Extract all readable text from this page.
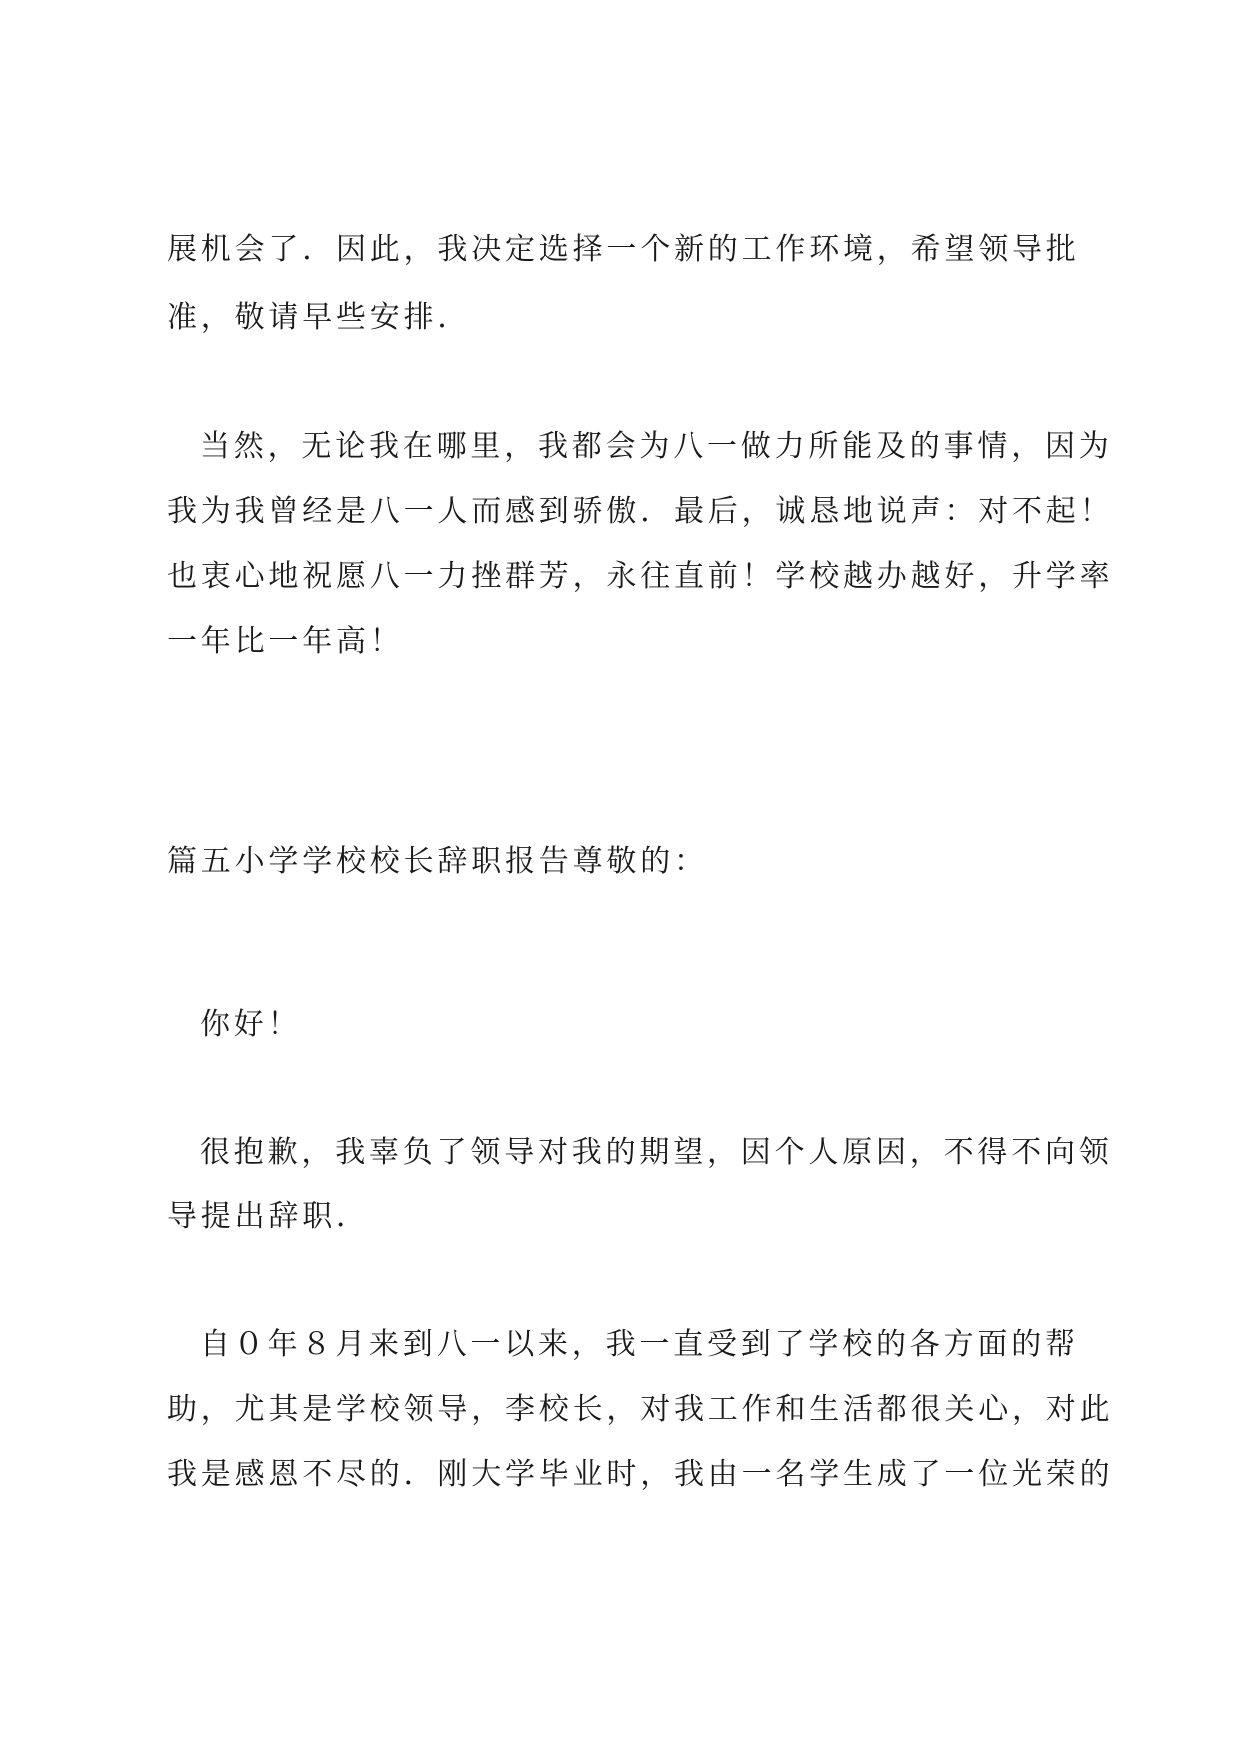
展机会了．因此，我决定选择一个新的工作环境，希望领导批
准，敬请早些安排．
当然，无论我在哪里，我都会为八一做力所能及的事情，因为
我为我曾经是八一人而感到骄傲．最后，诚恳地说声：对不起！
也衷心地祝愿八一力挫群芳，永往直前！学校越办越好，升学率
一年比一年高！
篇五小学学校校长辞职报告尊敬的：
你好！
很抱歉，我辜负了领导对我的期望，因个人原因，不得不向领
导提出辞职．
自０年８月来到八一以来，我一直受到了学校的各方面的帮
助，尤其是学校领导，李校长，对我工作和生活都很关心，对此
我是感恩不尽的．刚大学毕业时，我由一名学生成了一位光荣的
